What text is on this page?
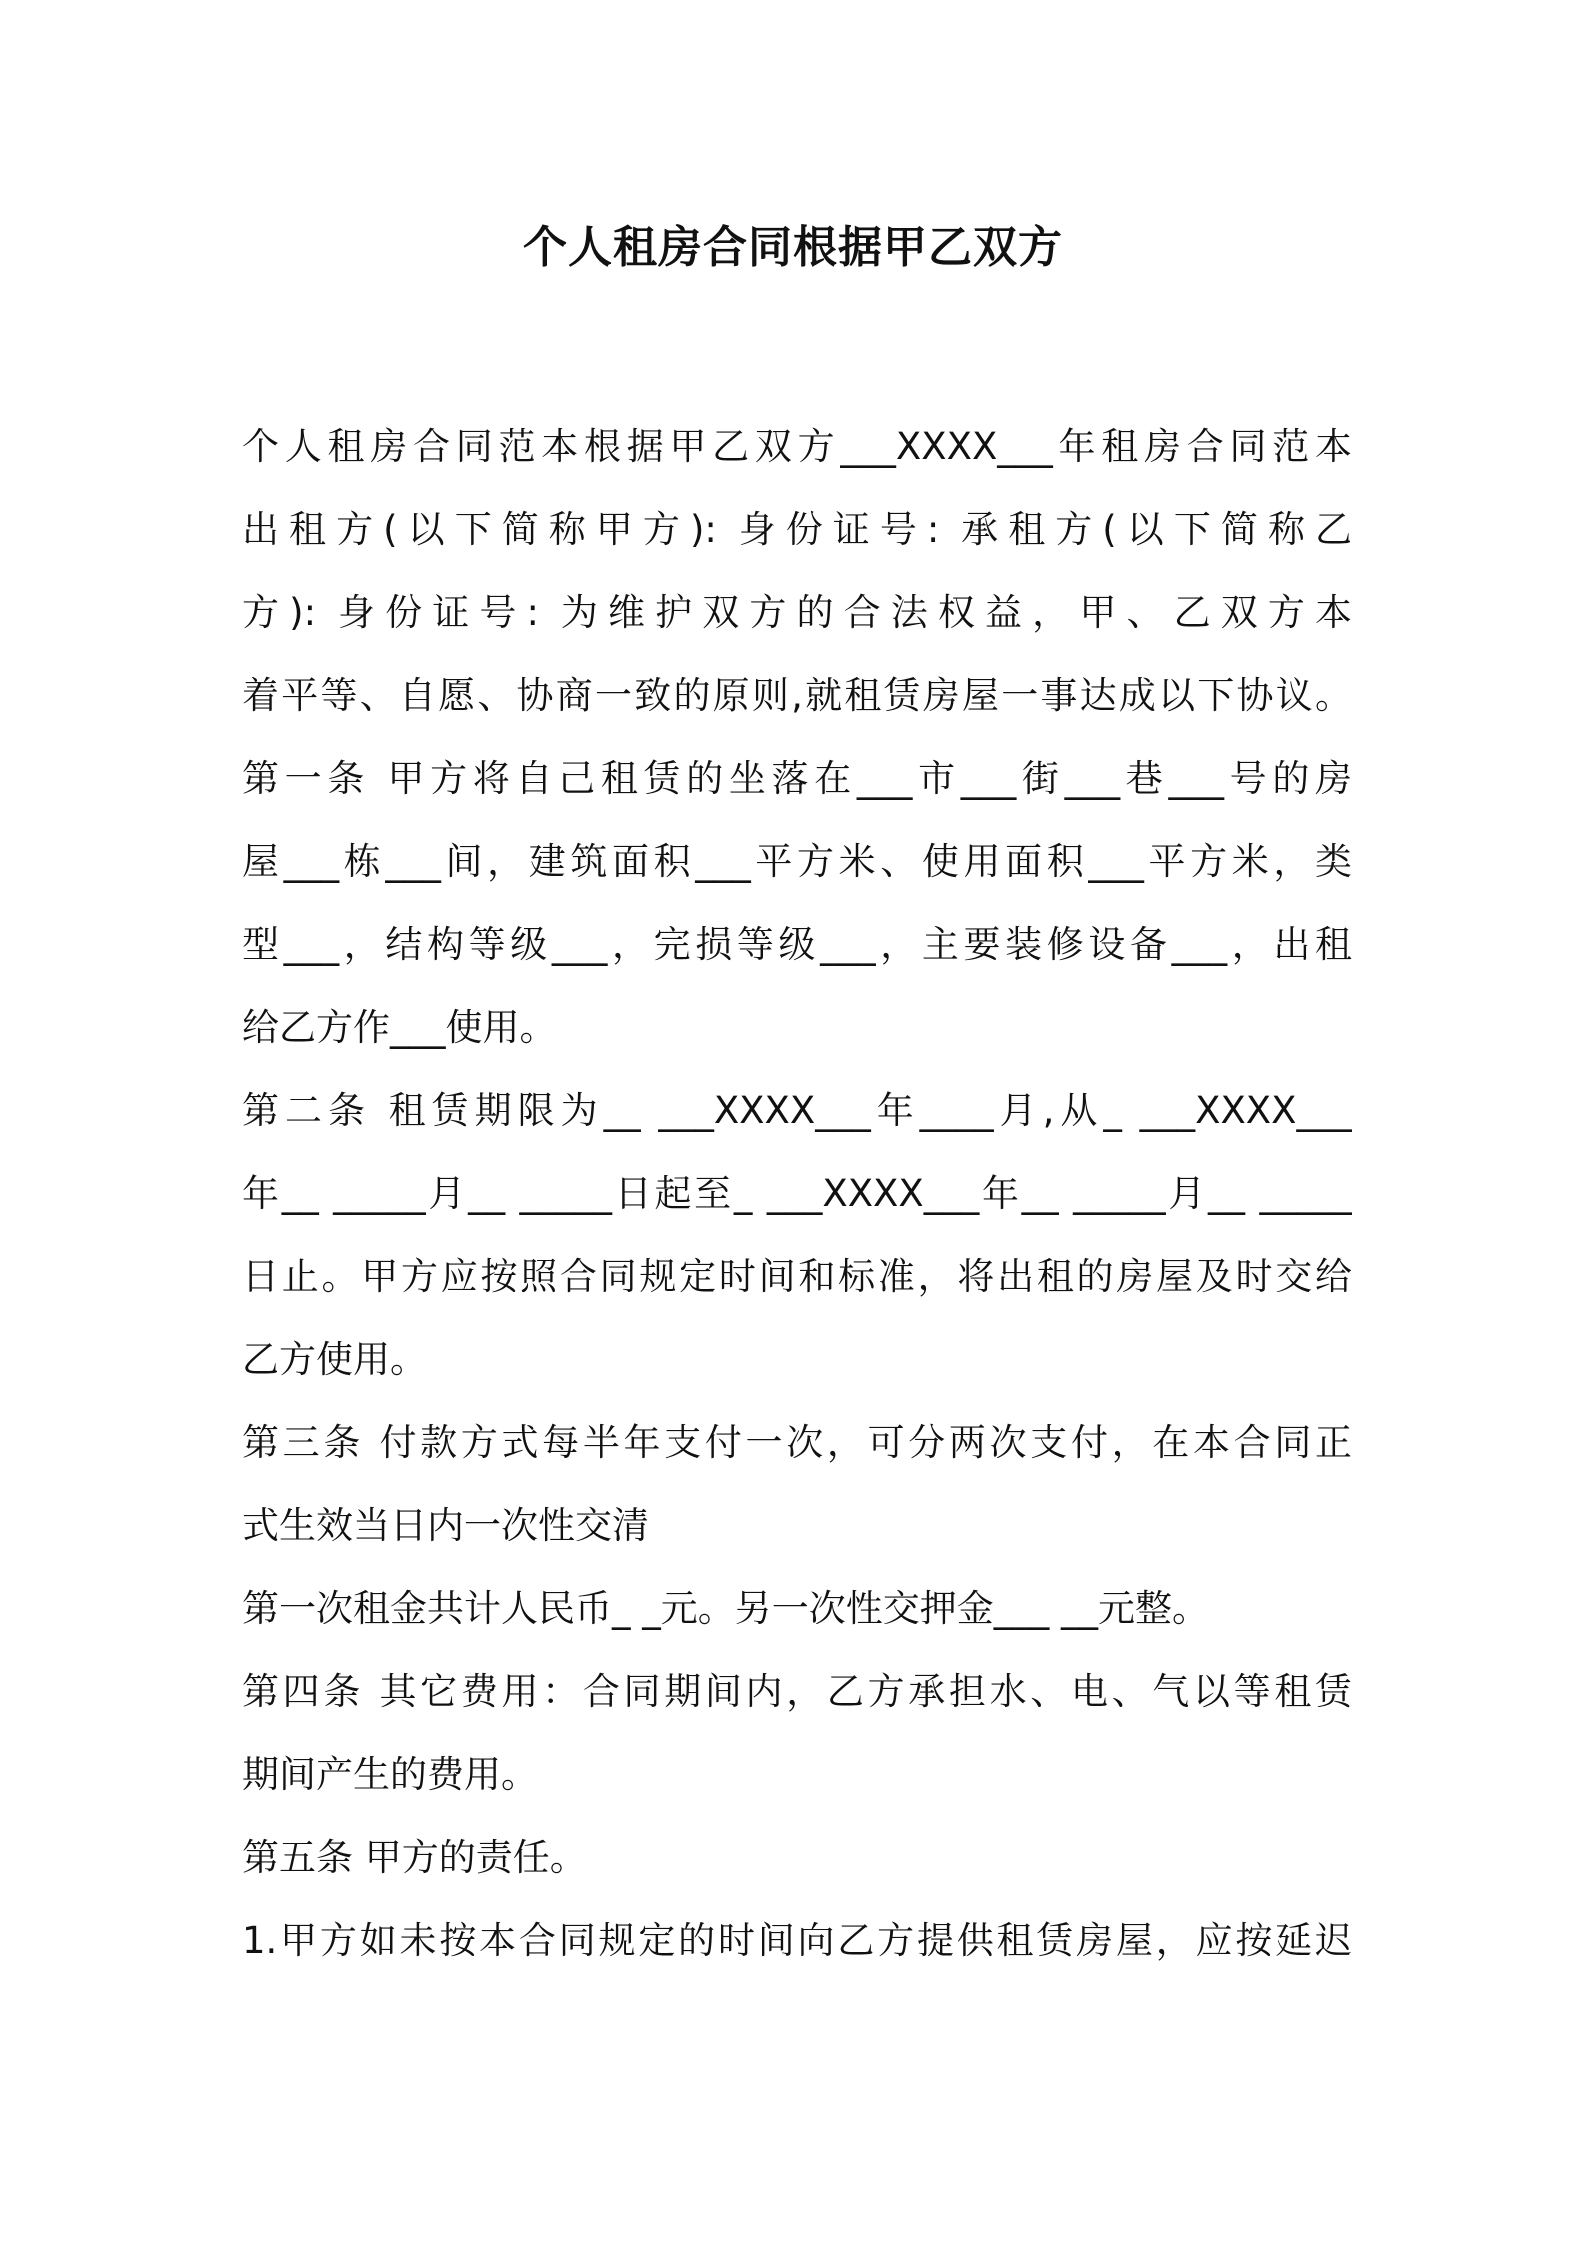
个人租房合同根据甲乙双方
个人租房合同范本根据甲乙双方___XXXX___年租房合同范本
出租方(以下简称甲方): 身份证号: 承租方(以下简称乙
方): 身份证号: 为维护双方的合法权益，甲、乙双方本
着平等、自愿、协商一致的原则,就租赁房屋一事达成以下协议。
第一条 甲方将自己租赁的坐落在___市___街___巷___号的房
屋___栋___间，建筑面积___平方米、使用面积___平方米，类
型___，结构等级___，完损等级___，主要装修设备___，出租
给乙方作___使用。
第二条 租赁期限为__ ___XXXX___年____月,从_ ___XXXX___
年__ _____月__ _____日起至_ ___XXXX___年__ _____月__ _____
日止。甲方应按照合同规定时间和标准，将出租的房屋及时交给
乙方使用。
第三条 付款方式每半年支付一次，可分两次支付，在本合同正
式生效当日内一次性交清
第一次租金共计人民币_ _元。另一次性交押金___ __元整。
第四条 其它费用：合同期间内，乙方承担水、电、气以等租赁
期间产生的费用。
第五条 甲方的责任。
1.甲方如未按本合同规定的时间向乙方提供租赁房屋，应按延迟
